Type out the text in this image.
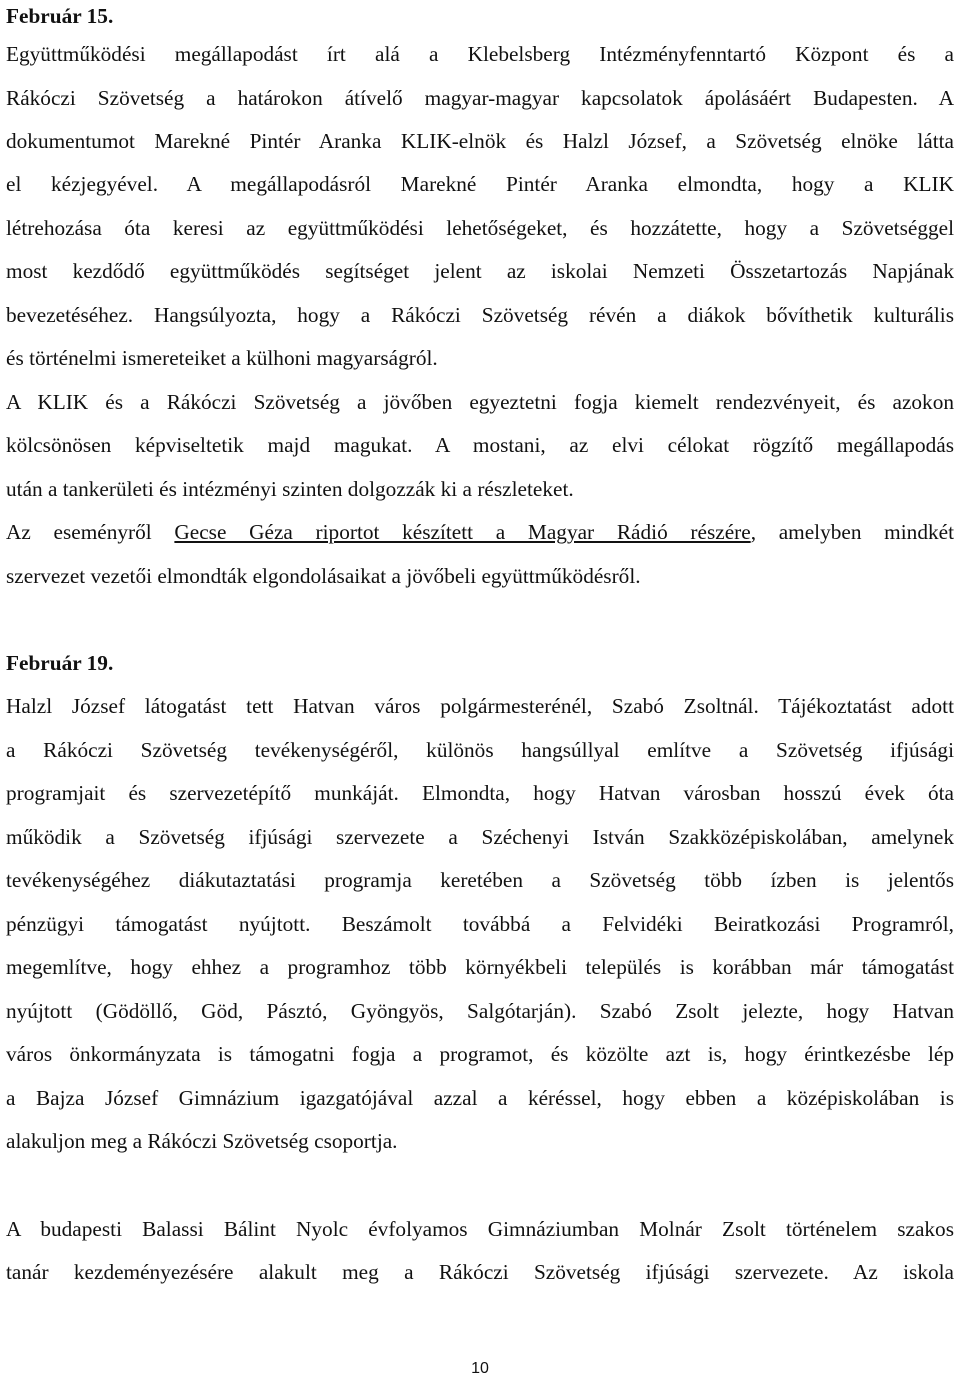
Február 15.
Együttműködési megállapodást írt alá a Klebelsberg Intézményfenntartó Központ és a
Rákóczi Szövetség a határokon átívelő magyar-magyar kapcsolatok ápolásáért Budapesten. A
dokumentumot Marekné Pintér Aranka KLIK-elnök és Halzl József, a Szövetség elnöke látta
el kézjegyével. A megállapodásról Marekné Pintér Aranka elmondta, hogy a KLIK
létrehozása óta keresi az együttműködési lehetőségeket, és hozzátette, hogy a Szövetséggel
most kezdődő együttműködés segítséget jelent az iskolai Nemzeti Összetartozás Napjának
bevezetéséhez. Hangsúlyozta, hogy a Rákóczi Szövetség révén a diákok bővíthetik kulturális
és történelmi ismereteiket a külhoni magyarságról.
A KLIK és a Rákóczi Szövetség a jövőben egyeztetni fogja kiemelt rendezvényeit, és azokon
kölcsönösen képviseltetik majd magukat. A mostani, az elvi célokat rögzítő megállapodás
után a tankerületi és intézményi szinten dolgozzák ki a részleteket.
Az eseményről Gecse Géza riportot készített a Magyar Rádió részére, amelyben mindkét
szervezet vezetői elmondták elgondolásaikat a jövőbeli együttműködésről.
Február 19.
Halzl József látogatást tett Hatvan város polgármesterénél, Szabó Zsoltnál. Tájékoztatást adott
a Rákóczi Szövetség tevékenységéről, különös hangsúllyal említve a Szövetség ifjúsági
programjait és szervezetépítő munkáját. Elmondta, hogy Hatvan városban hosszú évek óta
működik a Szövetség ifjúsági szervezete a Széchenyi István Szakközépiskolában, amelynek
tevékenységéhez diákutaztatási programja keretében a Szövetség több ízben is jelentős
pénzügyi támogatást nyújtott. Beszámolt továbbá a Felvidéki Beiratkozási Programról,
megemlítve, hogy ehhez a programhoz több környékbeli település is korábban már támogatást
nyújtott (Gödöllő, Göd, Pásztó, Gyöngyös, Salgótarján). Szabó Zsolt jelezte, hogy Hatvan
város önkormányzata is támogatni fogja a programot, és közölte azt is, hogy érintkezésbe lép
a Bajza József Gimnázium igazgatójával azzal a kéréssel, hogy ebben a középiskolában is
alakuljon meg a Rákóczi Szövetség csoportja.
A budapesti Balassi Bálint Nyolc évfolyamos Gimnáziumban Molnár Zsolt történelem szakos
tanár kezdeményezésére alakult meg a Rákóczi Szövetség ifjúsági szervezete. Az iskola
10
